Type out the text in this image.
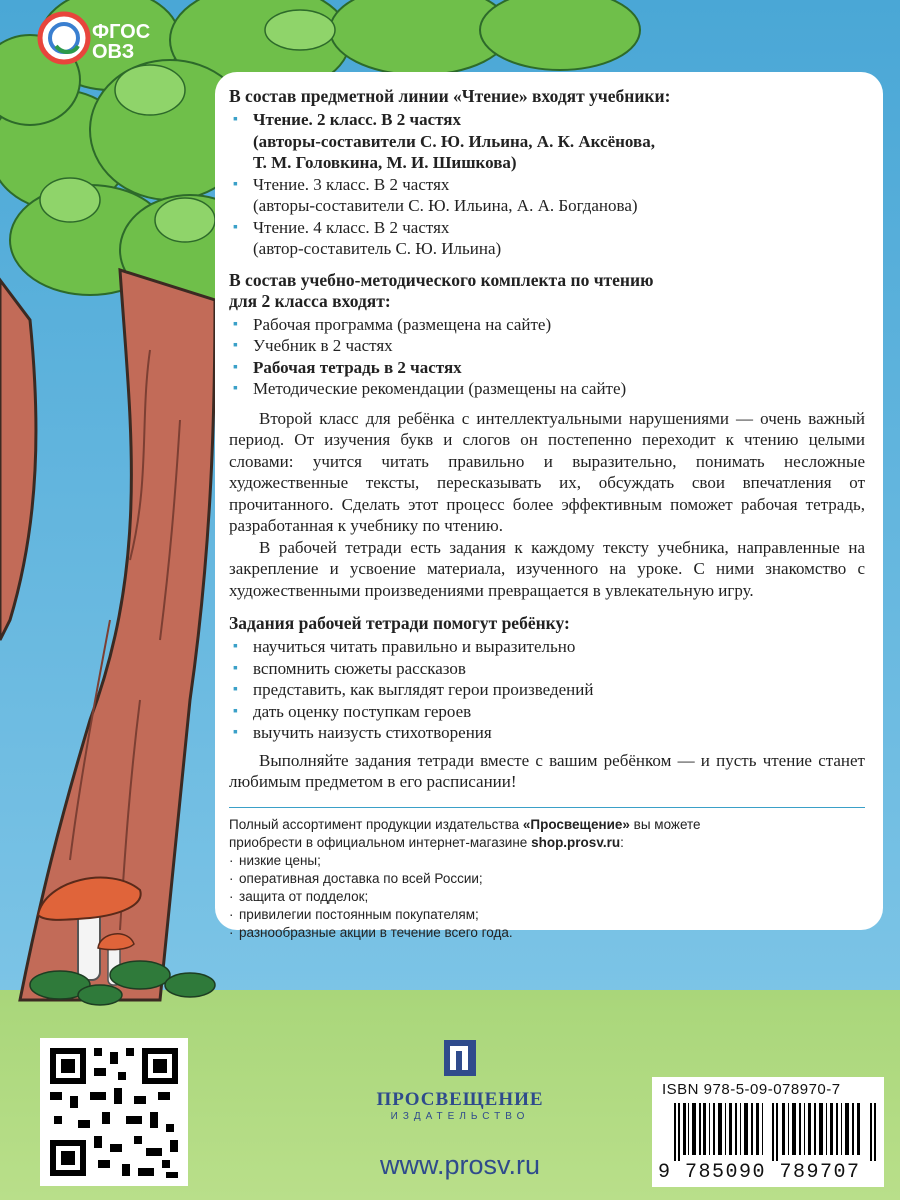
ФГОС
ОВЗ
В состав предметной линии «Чтение» входят учебники:
▪ Чтение. 2 класс. В 2 частях
(авторы-составители С. Ю. Ильина, А. К. Аксёнова,
Т. М. Головкина, М. И. Шишкова)
▪ Чтение. 3 класс. В 2 частях
(авторы-составители С. Ю. Ильина, А. А. Богданова)
▪ Чтение. 4 класс. В 2 частях
(автор-составитель С. Ю. Ильина)
В состав учебно-методического комплекта по чтению
для 2 класса входят:
▪ Рабочая программа (размещена на сайте)
▪ Учебник в 2 частях
▪ Рабочая тетрадь в 2 частях
▪ Методические рекомендации (размещены на сайте)

Второй класс для ребёнка с интеллектуальными нарушениями — очень важный период. От изучения букв и слогов он постепенно переходит к чтению целыми словами: учится читать правильно и выразительно, понимать несложные художественные тексты, пересказывать их, обсуждать свои впечатления от прочитанного. Сделать этот процесс более эффективным поможет рабочая тетрадь, разработанная к учебнику по чтению.

В рабочей тетради есть задания к каждому тексту учебника, направленные на закрепление и усвоение материала, изученного на уроке. С ними знакомство с художественными произведениями превращается в увлекательную игру.

Задания рабочей тетради помогут ребёнку:
▪ научиться читать правильно и выразительно
▪ вспомнить сюжеты рассказов
▪ представить, как выглядят герои произведений
▪ дать оценку поступкам героев
▪ выучить наизусть стихотворения

Выполняйте задания тетради вместе с вашим ребёнком — и пусть чтение станет любимым предметом в его расписании!

Полный ассортимент продукции издательства «Просвещение» вы можете
приобрести в официальном интернет-магазине shop.prosv.ru:
· низкие цены;
· оперативная доставка по всей России;
· защита от подделок;
· привилегии постоянным покупателям;
· разнообразные акции в течение всего года.
ПРОСВЕЩЕНИЕ
ИЗДАТЕЛЬСТВО
www.prosv.ru
ISBN 978-5-09-078970-7
9 785090 789707
